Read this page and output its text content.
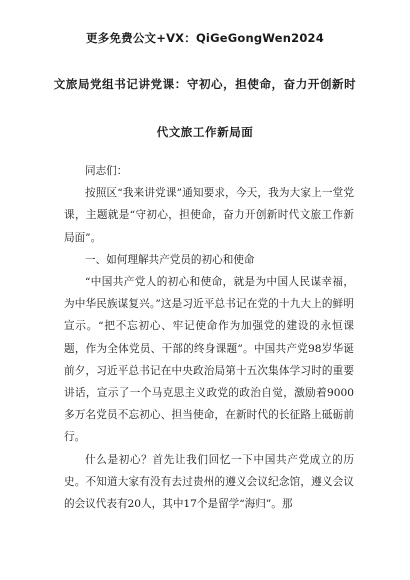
更多免费公文+VX：QiGeGongWen2024
文旅局党组书记讲党课：守初心，担使命，奋力开创新时
代文旅工作新局面

同志们：

按照区“我来讲党课”通知要求，今天，我为大家上一堂党课，主题就是“守初心，担使命，奋力开创新时代文旅工作新局面”。

一、如何理解共产党员的初心和使命

“中国共产党人的初心和使命，就是为中国人民谋幸福，为中华民族谋复兴。”这是习近平总书记在党的十九大上的鲜明宣示。“把不忘初心、牢记使命作为加强党的建设的永恒课题，作为全体党员、干部的终身课题”。中国共产党98岁华诞前夕，习近平总书记在中央政治局第十五次集体学习时的重要讲话，宣示了一个马克思主义政党的政治自觉，激励着9000多万名党员不忘初心、担当使命，在新时代的长征路上砥砺前行。

什么是初心？首先让我们回忆一下中国共产党成立的历史。不知道大家有没有去过贵州的遵义会议纪念馆，遵义会议的会议代表有20人，其中17个是留学“海归”。那
